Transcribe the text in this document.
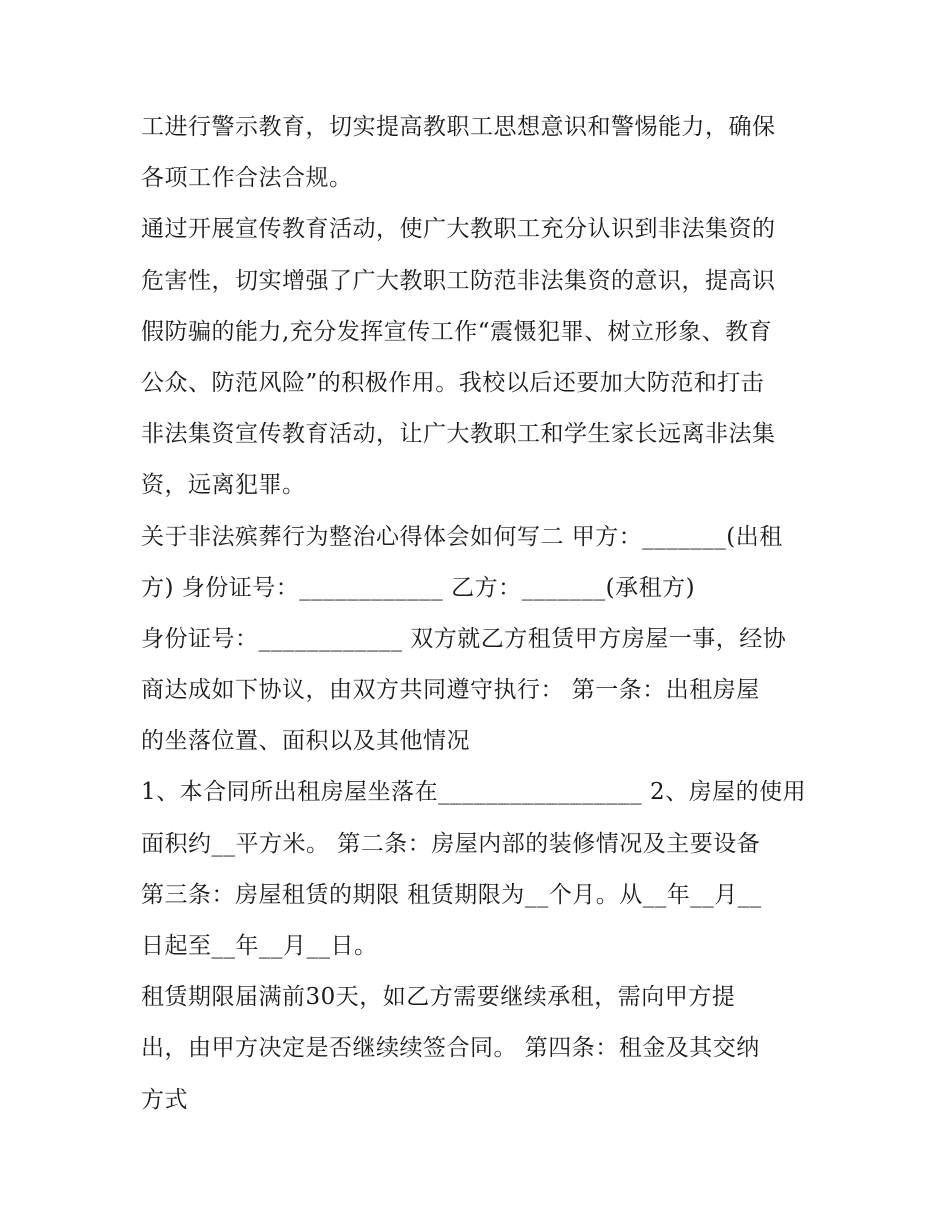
工进行警示教育，切实提高教职工思想意识和警惕能力，确保
各项工作合法合规。
通过开展宣传教育活动，使广大教职工充分认识到非法集资的
危害性，切实增强了广大教职工防范非法集资的意识，提高识
假防骗的能力,充分发挥宣传工作“震慑犯罪、树立形象、教育
公众、防范风险”的积极作用。我校以后还要加大防范和打击
非法集资宣传教育活动，让广大教职工和学生家长远离非法集
资，远离犯罪。
关于非法殡葬行为整治心得体会如何写二 甲方：_______(出租
方) 身份证号：____________ 乙方：_______(承租方)
身份证号：____________ 双方就乙方租赁甲方房屋一事，经协
商达成如下协议，由双方共同遵守执行： 第一条：出租房屋
的坐落位置、面积以及其他情况
1、本合同所出租房屋坐落在_________________ 2、房屋的使用
面积约__平方米。 第二条：房屋内部的装修情况及主要设备
第三条：房屋租赁的期限 租赁期限为__个月。从__年__月__
日起至__年__月__日。
租赁期限届满前30天，如乙方需要继续承租，需向甲方提
出，由甲方决定是否继续续签合同。 第四条：租金及其交纳
方式
